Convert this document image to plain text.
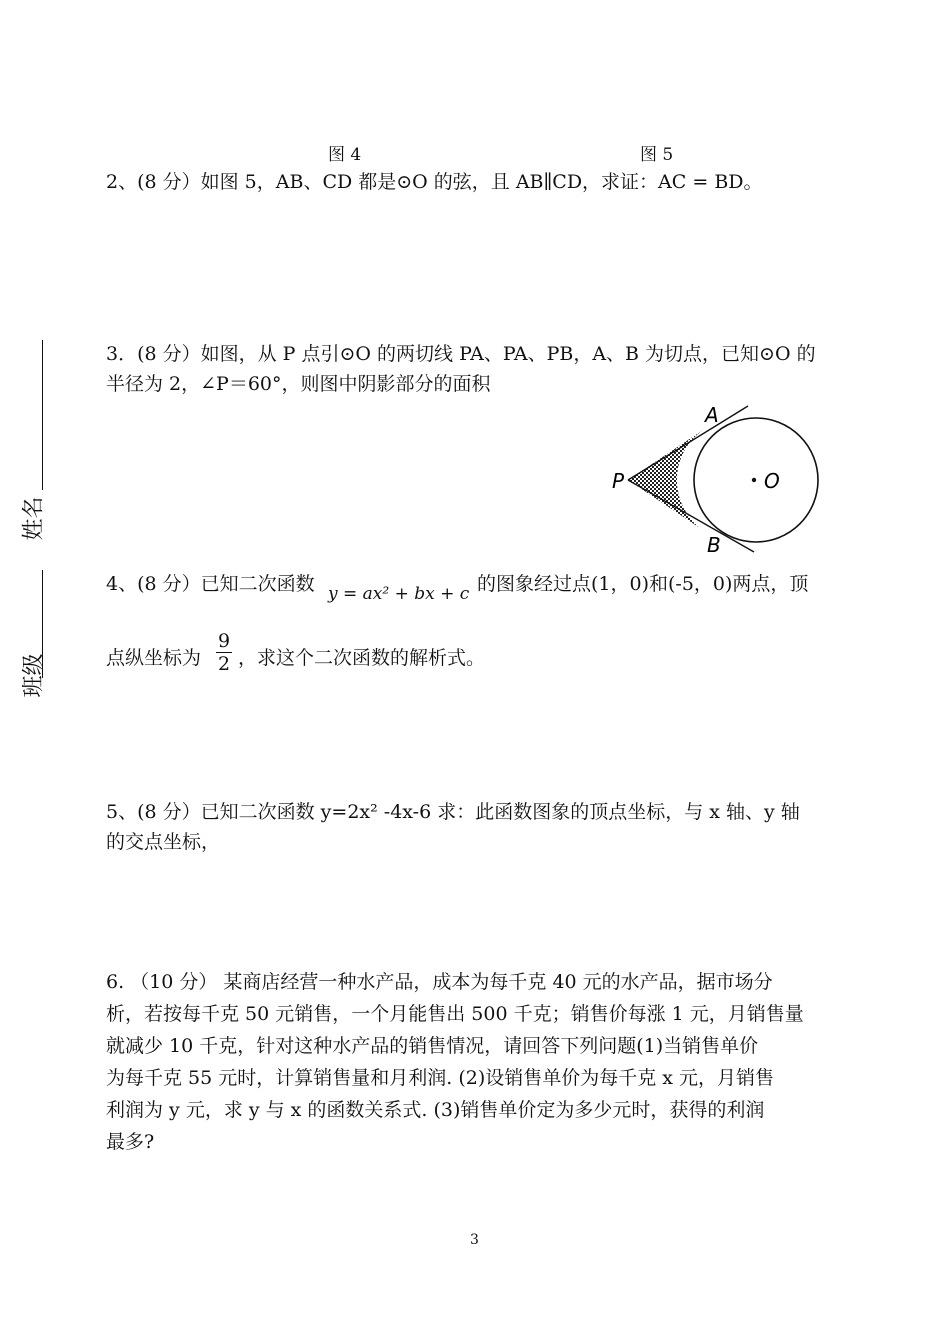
图 4	图 5
2、(8 分）如图 5，AB、CD 都是⊙O 的弦，且 AB∥CD，求证：AC = BD。
3．(8 分）如图，从 P 点引⊙O 的两切线 PA、PA、PB，A、B 为切点，已知⊙O 的
半径为 2，∠P＝60°，则图中阴影部分的面积
A
B
P	O
4、(8 分）已知二次函数 y = ax² + bx + c 的图象经过点(1，0)和(-5，0)两点，顶
点纵坐标为 $\frac{9}{2}$ ，求这个二次函数的解析式。
5、(8 分）已知二次函数 y=2x² -4x-6 求：此函数图象的顶点坐标，与 x 轴、y 轴
的交点坐标，
6. （10 分） 某商店经营一种水产品，成本为每千克 40 元的水产品，据市场分
析，若按每千克 50 元销售，一个月能售出 500 千克；销售价每涨 1 元，月销售量
就减少 10 千克，针对这种水产品的销售情况，请回答下列问题(1)当销售单价
为每千克 55 元时，计算销售量和月利润. (2)设销售单价为每千克 x 元，月销售
利润为 y 元，求 y 与 x 的函数关系式. (3)销售单价定为多少元时，获得的利润
最多?
姓名
班级
3
